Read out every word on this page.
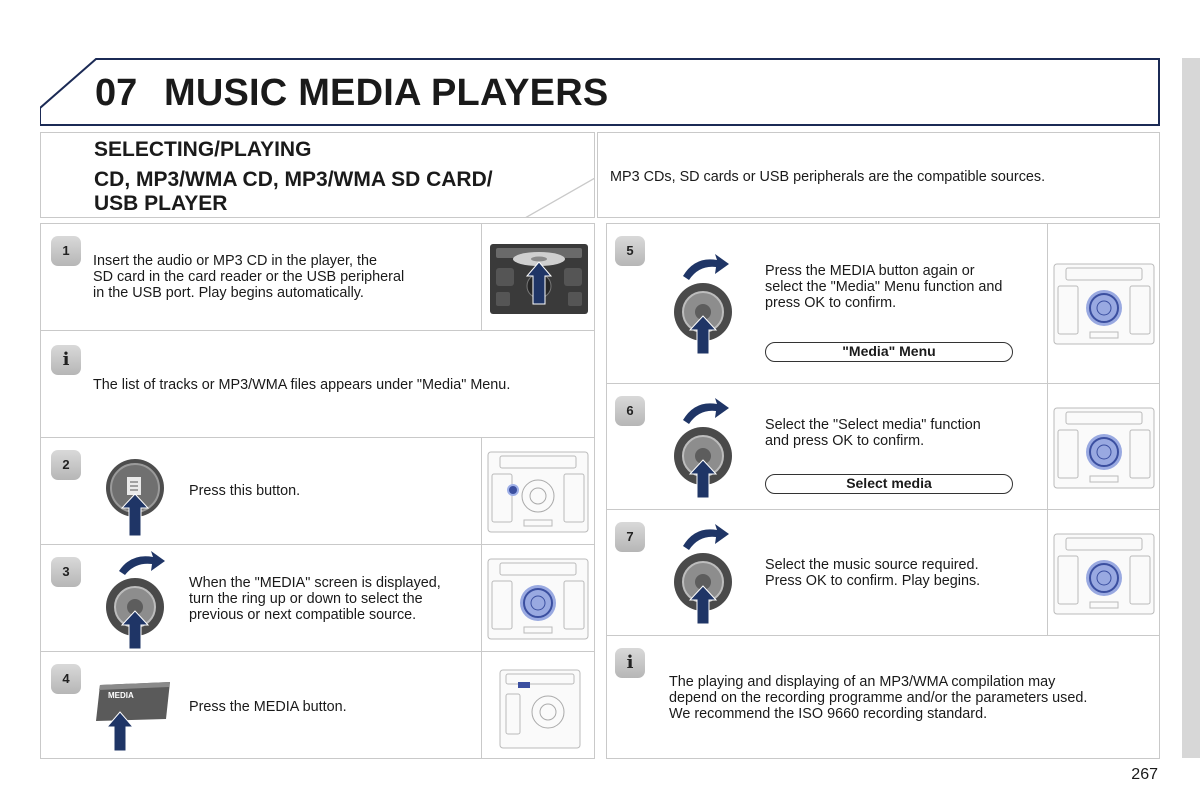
07 MUSIC MEDIA PLAYERS
SELECTING/PLAYING
CD, MP3/WMA CD, MP3/WMA SD CARD/
USB PLAYER
MP3 CDs, SD cards or USB peripherals are the compatible sources.
1
Insert the audio or MP3 CD in the player, the
SD card in the card reader or the USB peripheral
in the USB port. Play begins automatically.
i
The list of tracks or MP3/WMA files appears under "Media" Menu.
2
Press this button.
3
When the "MEDIA" screen is displayed,
turn the ring up or down to select the
previous or next compatible source.
4
MEDIA
Press the MEDIA button.
5
Press the MEDIA button again or
select the "Media" Menu function and
press OK to confirm.
"Media" Menu
6
Select the "Select media" function
and press OK to confirm.
Select media
7
Select the music source required.
Press OK to confirm. Play begins.
i
The playing and displaying of an MP3/WMA compilation may
depend on the recording programme and/or the parameters used.
We recommend the ISO 9660 recording standard.
267
